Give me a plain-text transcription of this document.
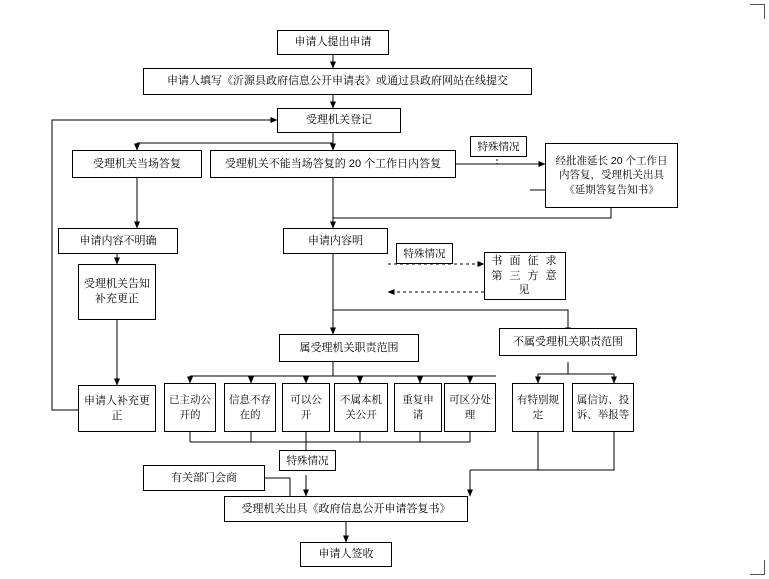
申请人提出申请
申请人填写《沂源县政府信息公开申请表》或通过县政府网站在线提交
受理机关登记
受理机关当场答复	受理机关不能当场答复的 20 个工作日内答复	经批准延长 20 个工作日内答复，受理机关出具《延期答复告知书》
特殊情况
申请内容不明确	申请内容明
书 面 征 求 第 三 方 意 见
特殊情况
受理机关告知补充更正
申请人补充更正
属受理机关职责范围	不属受理机关职责范围
已主动公开的
信息不存在的
可以公开
不属本机关公开
重复申请
可区分处理
有特别规定
属信访、投诉、举报等
特殊情况
有关部门会商
受理机关出具《政府信息公开申请答复书》
申请人签收
